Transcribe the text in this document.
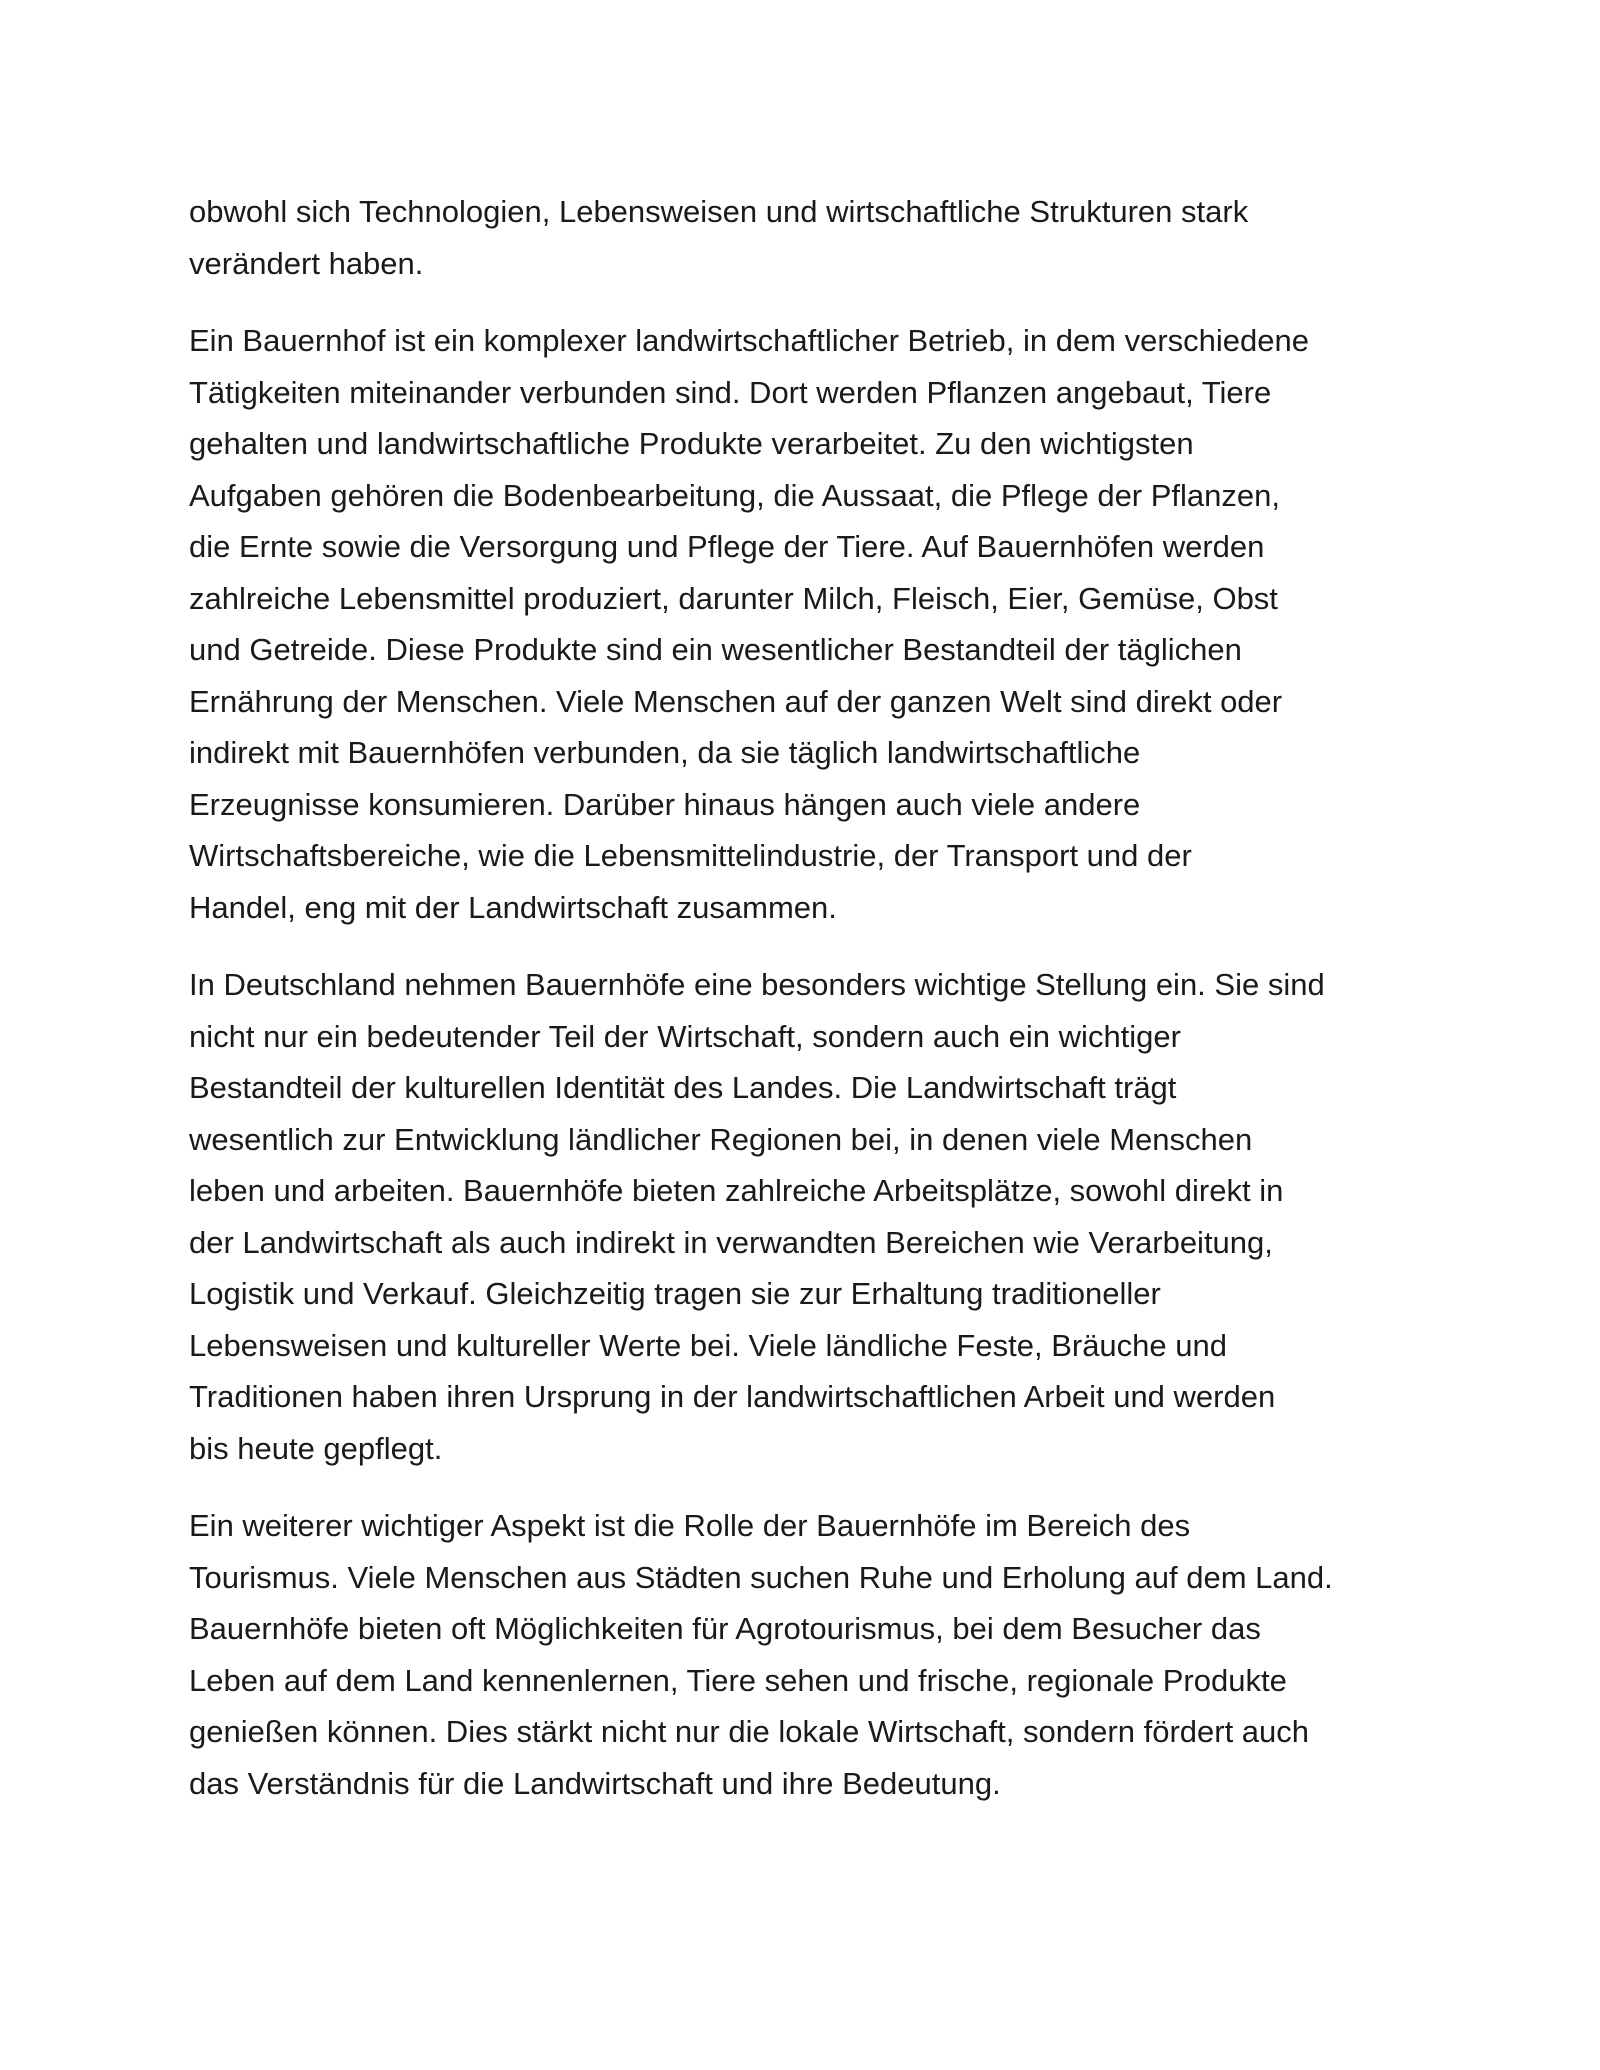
obwohl sich Technologien, Lebensweisen und wirtschaftliche Strukturen stark
verändert haben.

Ein Bauernhof ist ein komplexer landwirtschaftlicher Betrieb, in dem verschiedene
Tätigkeiten miteinander verbunden sind. Dort werden Pflanzen angebaut, Tiere
gehalten und landwirtschaftliche Produkte verarbeitet. Zu den wichtigsten
Aufgaben gehören die Bodenbearbeitung, die Aussaat, die Pflege der Pflanzen,
die Ernte sowie die Versorgung und Pflege der Tiere. Auf Bauernhöfen werden
zahlreiche Lebensmittel produziert, darunter Milch, Fleisch, Eier, Gemüse, Obst
und Getreide. Diese Produkte sind ein wesentlicher Bestandteil der täglichen
Ernährung der Menschen. Viele Menschen auf der ganzen Welt sind direkt oder
indirekt mit Bauernhöfen verbunden, da sie täglich landwirtschaftliche
Erzeugnisse konsumieren. Darüber hinaus hängen auch viele andere
Wirtschaftsbereiche, wie die Lebensmittelindustrie, der Transport und der
Handel, eng mit der Landwirtschaft zusammen.

In Deutschland nehmen Bauernhöfe eine besonders wichtige Stellung ein. Sie sind
nicht nur ein bedeutender Teil der Wirtschaft, sondern auch ein wichtiger
Bestandteil der kulturellen Identität des Landes. Die Landwirtschaft trägt
wesentlich zur Entwicklung ländlicher Regionen bei, in denen viele Menschen
leben und arbeiten. Bauernhöfe bieten zahlreiche Arbeitsplätze, sowohl direkt in
der Landwirtschaft als auch indirekt in verwandten Bereichen wie Verarbeitung,
Logistik und Verkauf. Gleichzeitig tragen sie zur Erhaltung traditioneller
Lebensweisen und kultureller Werte bei. Viele ländliche Feste, Bräuche und
Traditionen haben ihren Ursprung in der landwirtschaftlichen Arbeit und werden
bis heute gepflegt.

Ein weiterer wichtiger Aspekt ist die Rolle der Bauernhöfe im Bereich des
Tourismus. Viele Menschen aus Städten suchen Ruhe und Erholung auf dem Land.
Bauernhöfe bieten oft Möglichkeiten für Agrotourismus, bei dem Besucher das
Leben auf dem Land kennenlernen, Tiere sehen und frische, regionale Produkte
genießen können. Dies stärkt nicht nur die lokale Wirtschaft, sondern fördert auch
das Verständnis für die Landwirtschaft und ihre Bedeutung.
